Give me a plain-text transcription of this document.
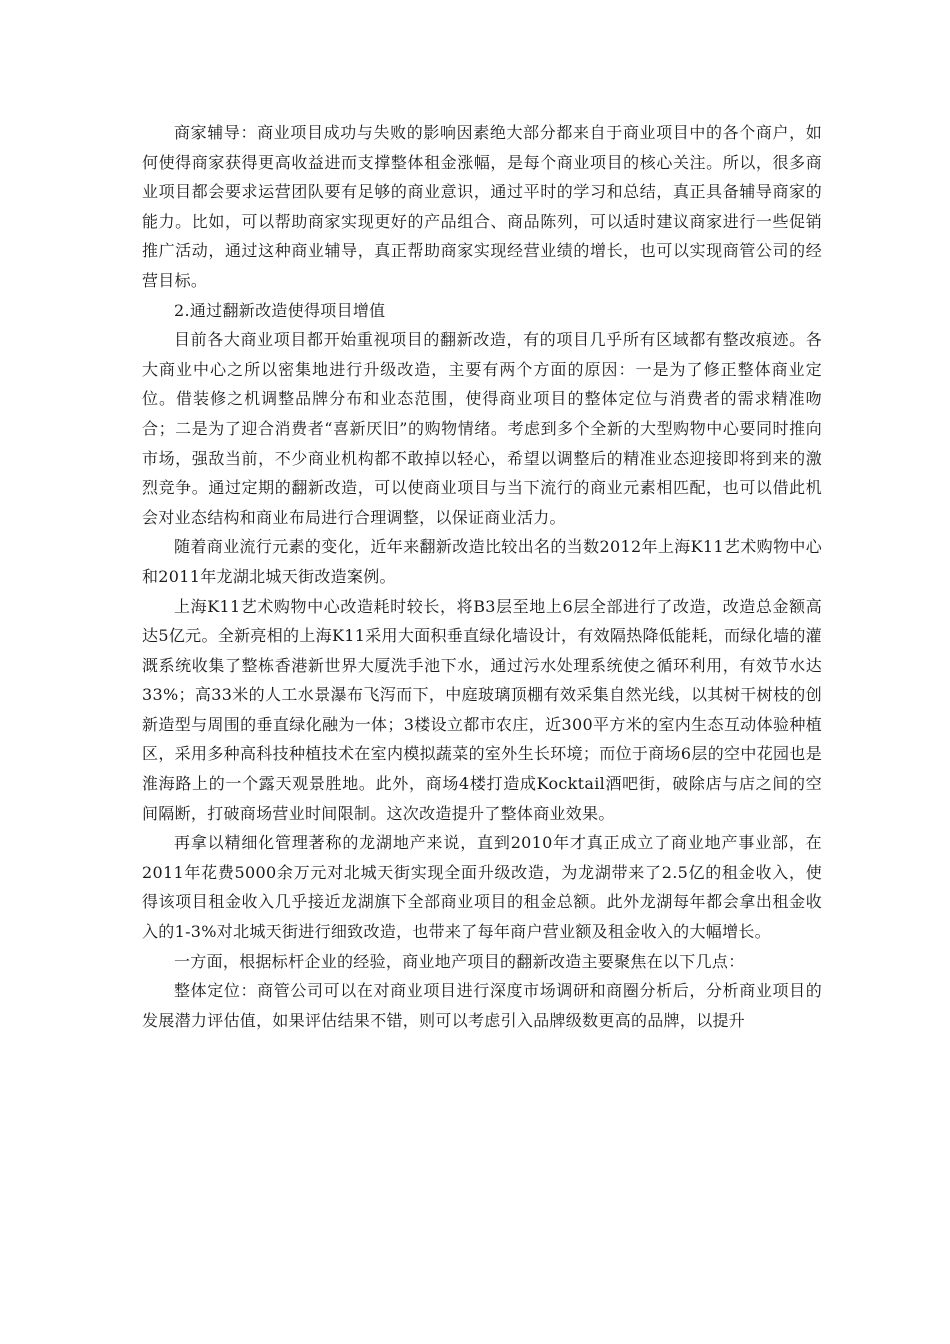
商家辅导：商业项目成功与失败的影响因素绝大部分都来自于商业项目中的各个商户，如何使得商家获得更高收益进而支撑整体租金涨幅，是每个商业项目的核心关注。所以，很多商业项目都会要求运营团队要有足够的商业意识，通过平时的学习和总结，真正具备辅导商家的能力。比如，可以帮助商家实现更好的产品组合、商品陈列，可以适时建议商家进行一些促销推广活动，通过这种商业辅导，真正帮助商家实现经营业绩的增长，也可以实现商管公司的经营目标。

2.通过翻新改造使得项目增值

目前各大商业项目都开始重视项目的翻新改造，有的项目几乎所有区域都有整改痕迹。各大商业中心之所以密集地进行升级改造，主要有两个方面的原因：一是为了修正整体商业定位。借装修之机调整品牌分布和业态范围，使得商业项目的整体定位与消费者的需求精准吻合；二是为了迎合消费者“喜新厌旧”的购物情绪。考虑到多个全新的大型购物中心要同时推向市场，强敌当前，不少商业机构都不敢掉以轻心，希望以调整后的精准业态迎接即将到来的激烈竞争。通过定期的翻新改造，可以使商业项目与当下流行的商业元素相匹配，也可以借此机会对业态结构和商业布局进行合理调整，以保证商业活力。

随着商业流行元素的变化，近年来翻新改造比较出名的当数2012年上海K11艺术购物中心和2011年龙湖北城天街改造案例。

上海K11艺术购物中心改造耗时较长，将B3层至地上6层全部进行了改造，改造总金额高达5亿元。全新亮相的上海K11采用大面积垂直绿化墙设计，有效隔热降低能耗，而绿化墙的灌溉系统收集了整栋香港新世界大厦洗手池下水，通过污水处理系统使之循环利用，有效节水达33%；高33米的人工水景瀑布飞泻而下，中庭玻璃顶棚有效采集自然光线，以其树干树枝的创新造型与周围的垂直绿化融为一体；3楼设立都市农庄，近300平方米的室内生态互动体验种植区，采用多种高科技种植技术在室内模拟蔬菜的室外生长环境；而位于商场6层的空中花园也是淮海路上的一个露天观景胜地。此外，商场4楼打造成Kocktail酒吧街，破除店与店之间的空间隔断，打破商场营业时间限制。这次改造提升了整体商业效果。

再拿以精细化管理著称的龙湖地产来说，直到2010年才真正成立了商业地产事业部，在2011年花费5000余万元对北城天街实现全面升级改造，为龙湖带来了2.5亿的租金收入，使得该项目租金收入几乎接近龙湖旗下全部商业项目的租金总额。此外龙湖每年都会拿出租金收入的1-3%对北城天街进行细致改造，也带来了每年商户营业额及租金收入的大幅增长。

一方面，根据标杆企业的经验，商业地产项目的翻新改造主要聚焦在以下几点：

整体定位：商管公司可以在对商业项目进行深度市场调研和商圈分析后，分析商业项目的发展潜力评估值，如果评估结果不错，则可以考虑引入品牌级数更高的品牌，以提升
